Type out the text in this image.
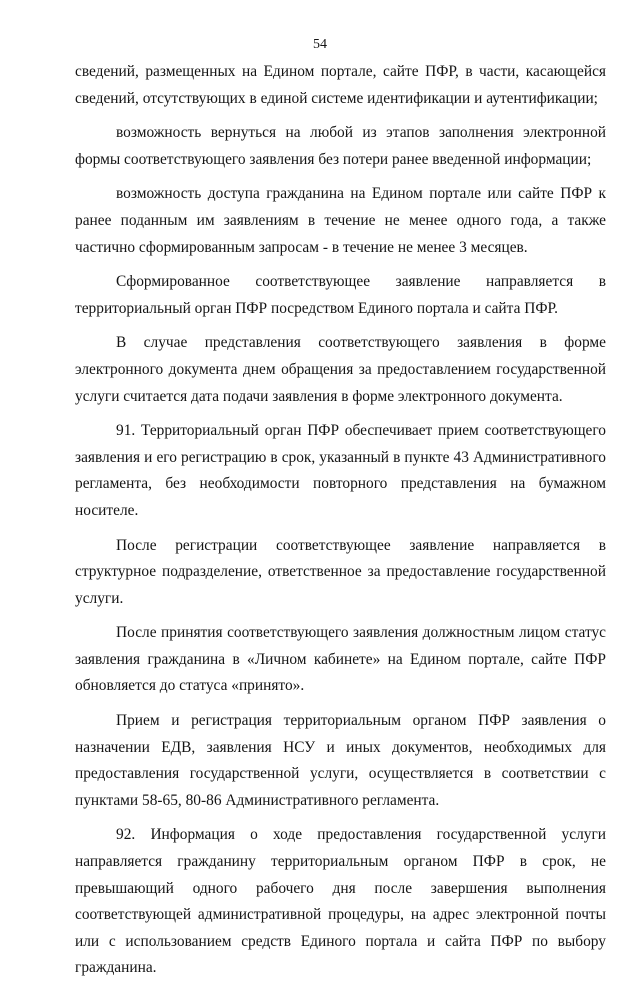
54

сведений, размещенных на Едином портале, сайте ПФР, в части, касающейся сведений, отсутствующих в единой системе идентификации и аутентификации;

возможность вернуться на любой из этапов заполнения электронной формы соответствующего заявления без потери ранее введенной информации;

возможность доступа гражданина на Едином портале или сайте ПФР к ранее поданным им заявлениям в течение не менее одного года, а также частично сформированным запросам - в течение не менее 3 месяцев.

Сформированное соответствующее заявление направляется в территориальный орган ПФР посредством Единого портала и сайта ПФР.

В случае представления соответствующего заявления в форме электронного документа днем обращения за предоставлением государственной услуги считается дата подачи заявления в форме электронного документа.

91. Территориальный орган ПФР обеспечивает прием соответствующего заявления и его регистрацию в срок, указанный в пункте 43 Административного регламента, без необходимости повторного представления на бумажном носителе.

После регистрации соответствующее заявление направляется в структурное подразделение, ответственное за предоставление государственной услуги.

После принятия соответствующего заявления должностным лицом статус заявления гражданина в «Личном кабинете» на Едином портале, сайте ПФР обновляется до статуса «принято».

Прием и регистрация территориальным органом ПФР заявления о назначении ЕДВ, заявления НСУ и иных документов, необходимых для предоставления государственной услуги, осуществляется в соответствии с пунктами 58-65, 80-86 Административного регламента.

92. Информация о ходе предоставления государственной услуги направляется гражданину территориальным органом ПФР в срок, не превышающий одного рабочего дня после завершения выполнения соответствующей административной процедуры, на адрес электронной почты или с использованием средств Единого портала и сайта ПФР по выбору гражданина.
